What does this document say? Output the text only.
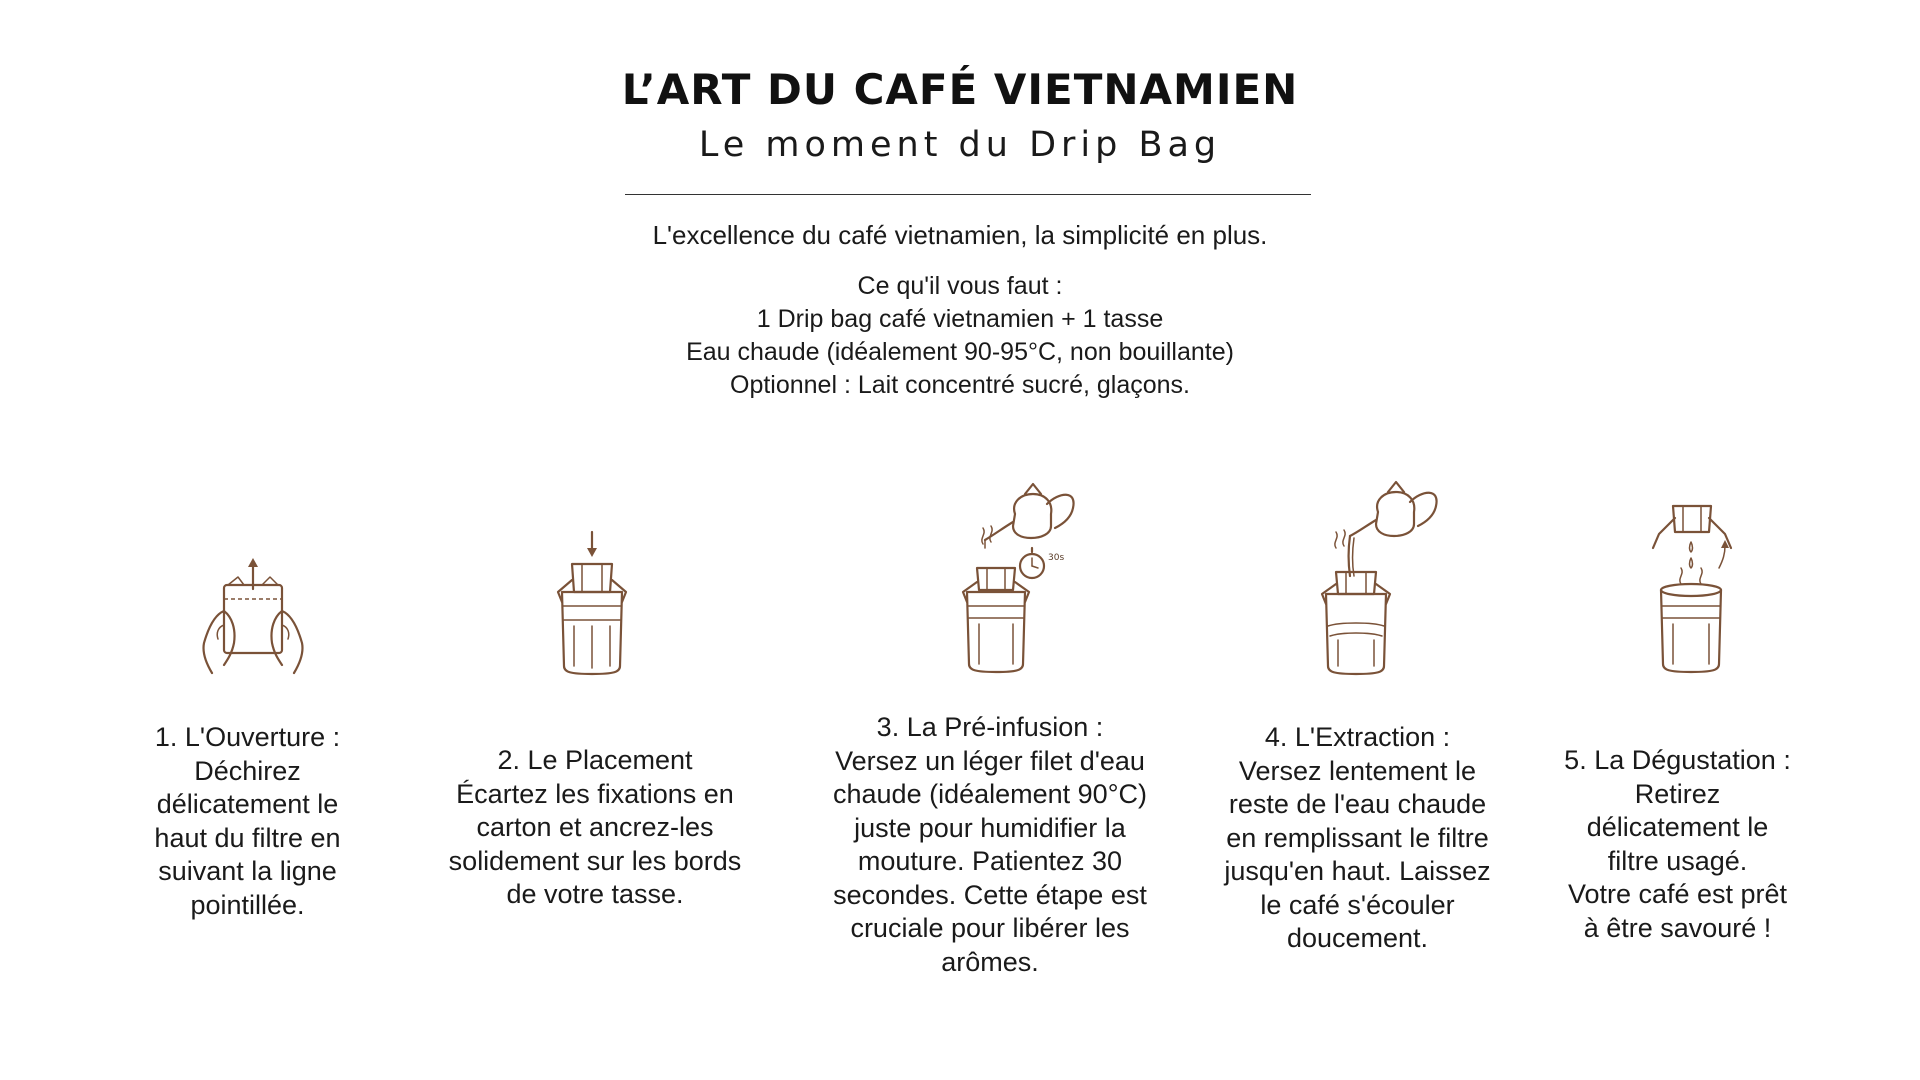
L’ART DU CAFÉ VIETNAMIEN
Le moment du Drip Bag
L'excellence du café vietnamien, la simplicité en plus.
Ce qu'il vous faut :
1 Drip bag café vietnamien + 1 tasse
Eau chaude (idéalement 90-95°C, non bouillante)
Optionnel : Lait concentré sucré, glaçons.
30s
1. L'Ouverture :
Déchirez
délicatement le
haut du filtre en
suivant la ligne
pointillée.
2. Le Placement
Écartez les fixations en
carton et ancrez-les
solidement sur les bords
de votre tasse.
3. La Pré-infusion :
Versez un léger filet d'eau
chaude (idéalement 90°C)
juste pour humidifier la
mouture. Patientez 30
secondes. Cette étape est
cruciale pour libérer les
arômes.
4. L'Extraction :
Versez lentement le
reste de l'eau chaude
en remplissant le filtre
jusqu'en haut. Laissez
le café s'écouler
doucement.
5. La Dégustation :
Retirez
délicatement le
filtre usagé.
Votre café est prêt
à être savouré !
